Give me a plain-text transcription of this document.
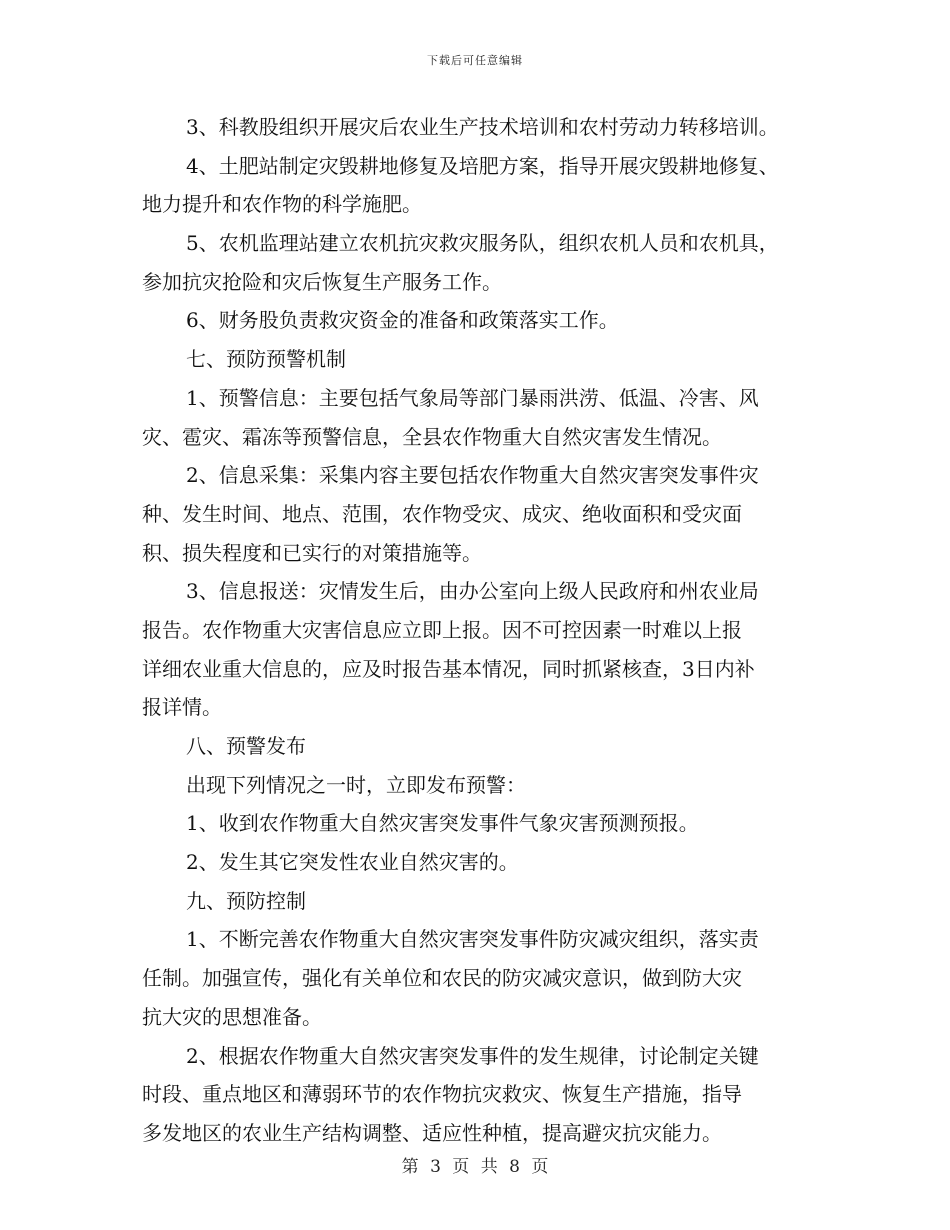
下载后可任意编辑
3、科教股组织开展灾后农业生产技术培训和农村劳动力转移培训。
4、土肥站制定灾毁耕地修复及培肥方案，指导开展灾毁耕地修复、
地力提升和农作物的科学施肥。
5、农机监理站建立农机抗灾救灾服务队，组织农机人员和农机具，
参加抗灾抢险和灾后恢复生产服务工作。
6、财务股负责救灾资金的准备和政策落实工作。
七、预防预警机制
1、预警信息：主要包括气象局等部门暴雨洪涝、低温、冷害、风
灾、雹灾、霜冻等预警信息，全县农作物重大自然灾害发生情况。
2、信息采集：采集内容主要包括农作物重大自然灾害突发事件灾
种、发生时间、地点、范围，农作物受灾、成灾、绝收面积和受灾面
积、损失程度和已实行的对策措施等。
3、信息报送：灾情发生后，由办公室向上级人民政府和州农业局
报告。农作物重大灾害信息应立即上报。因不可控因素一时难以上报
详细农业重大信息的，应及时报告基本情况，同时抓紧核查，3日内补
报详情。
八、预警发布
出现下列情况之一时，立即发布预警：
1、收到农作物重大自然灾害突发事件气象灾害预测预报。
2、发生其它突发性农业自然灾害的。
九、预防控制
1、不断完善农作物重大自然灾害突发事件防灾减灾组织，落实责
任制。加强宣传，强化有关单位和农民的防灾减灾意识，做到防大灾
抗大灾的思想准备。
2、根据农作物重大自然灾害突发事件的发生规律，讨论制定关键
时段、重点地区和薄弱环节的农作物抗灾救灾、恢复生产措施，指导
多发地区的农业生产结构调整、适应性种植，提高避灾抗灾能力。
第 3 页 共 8 页
